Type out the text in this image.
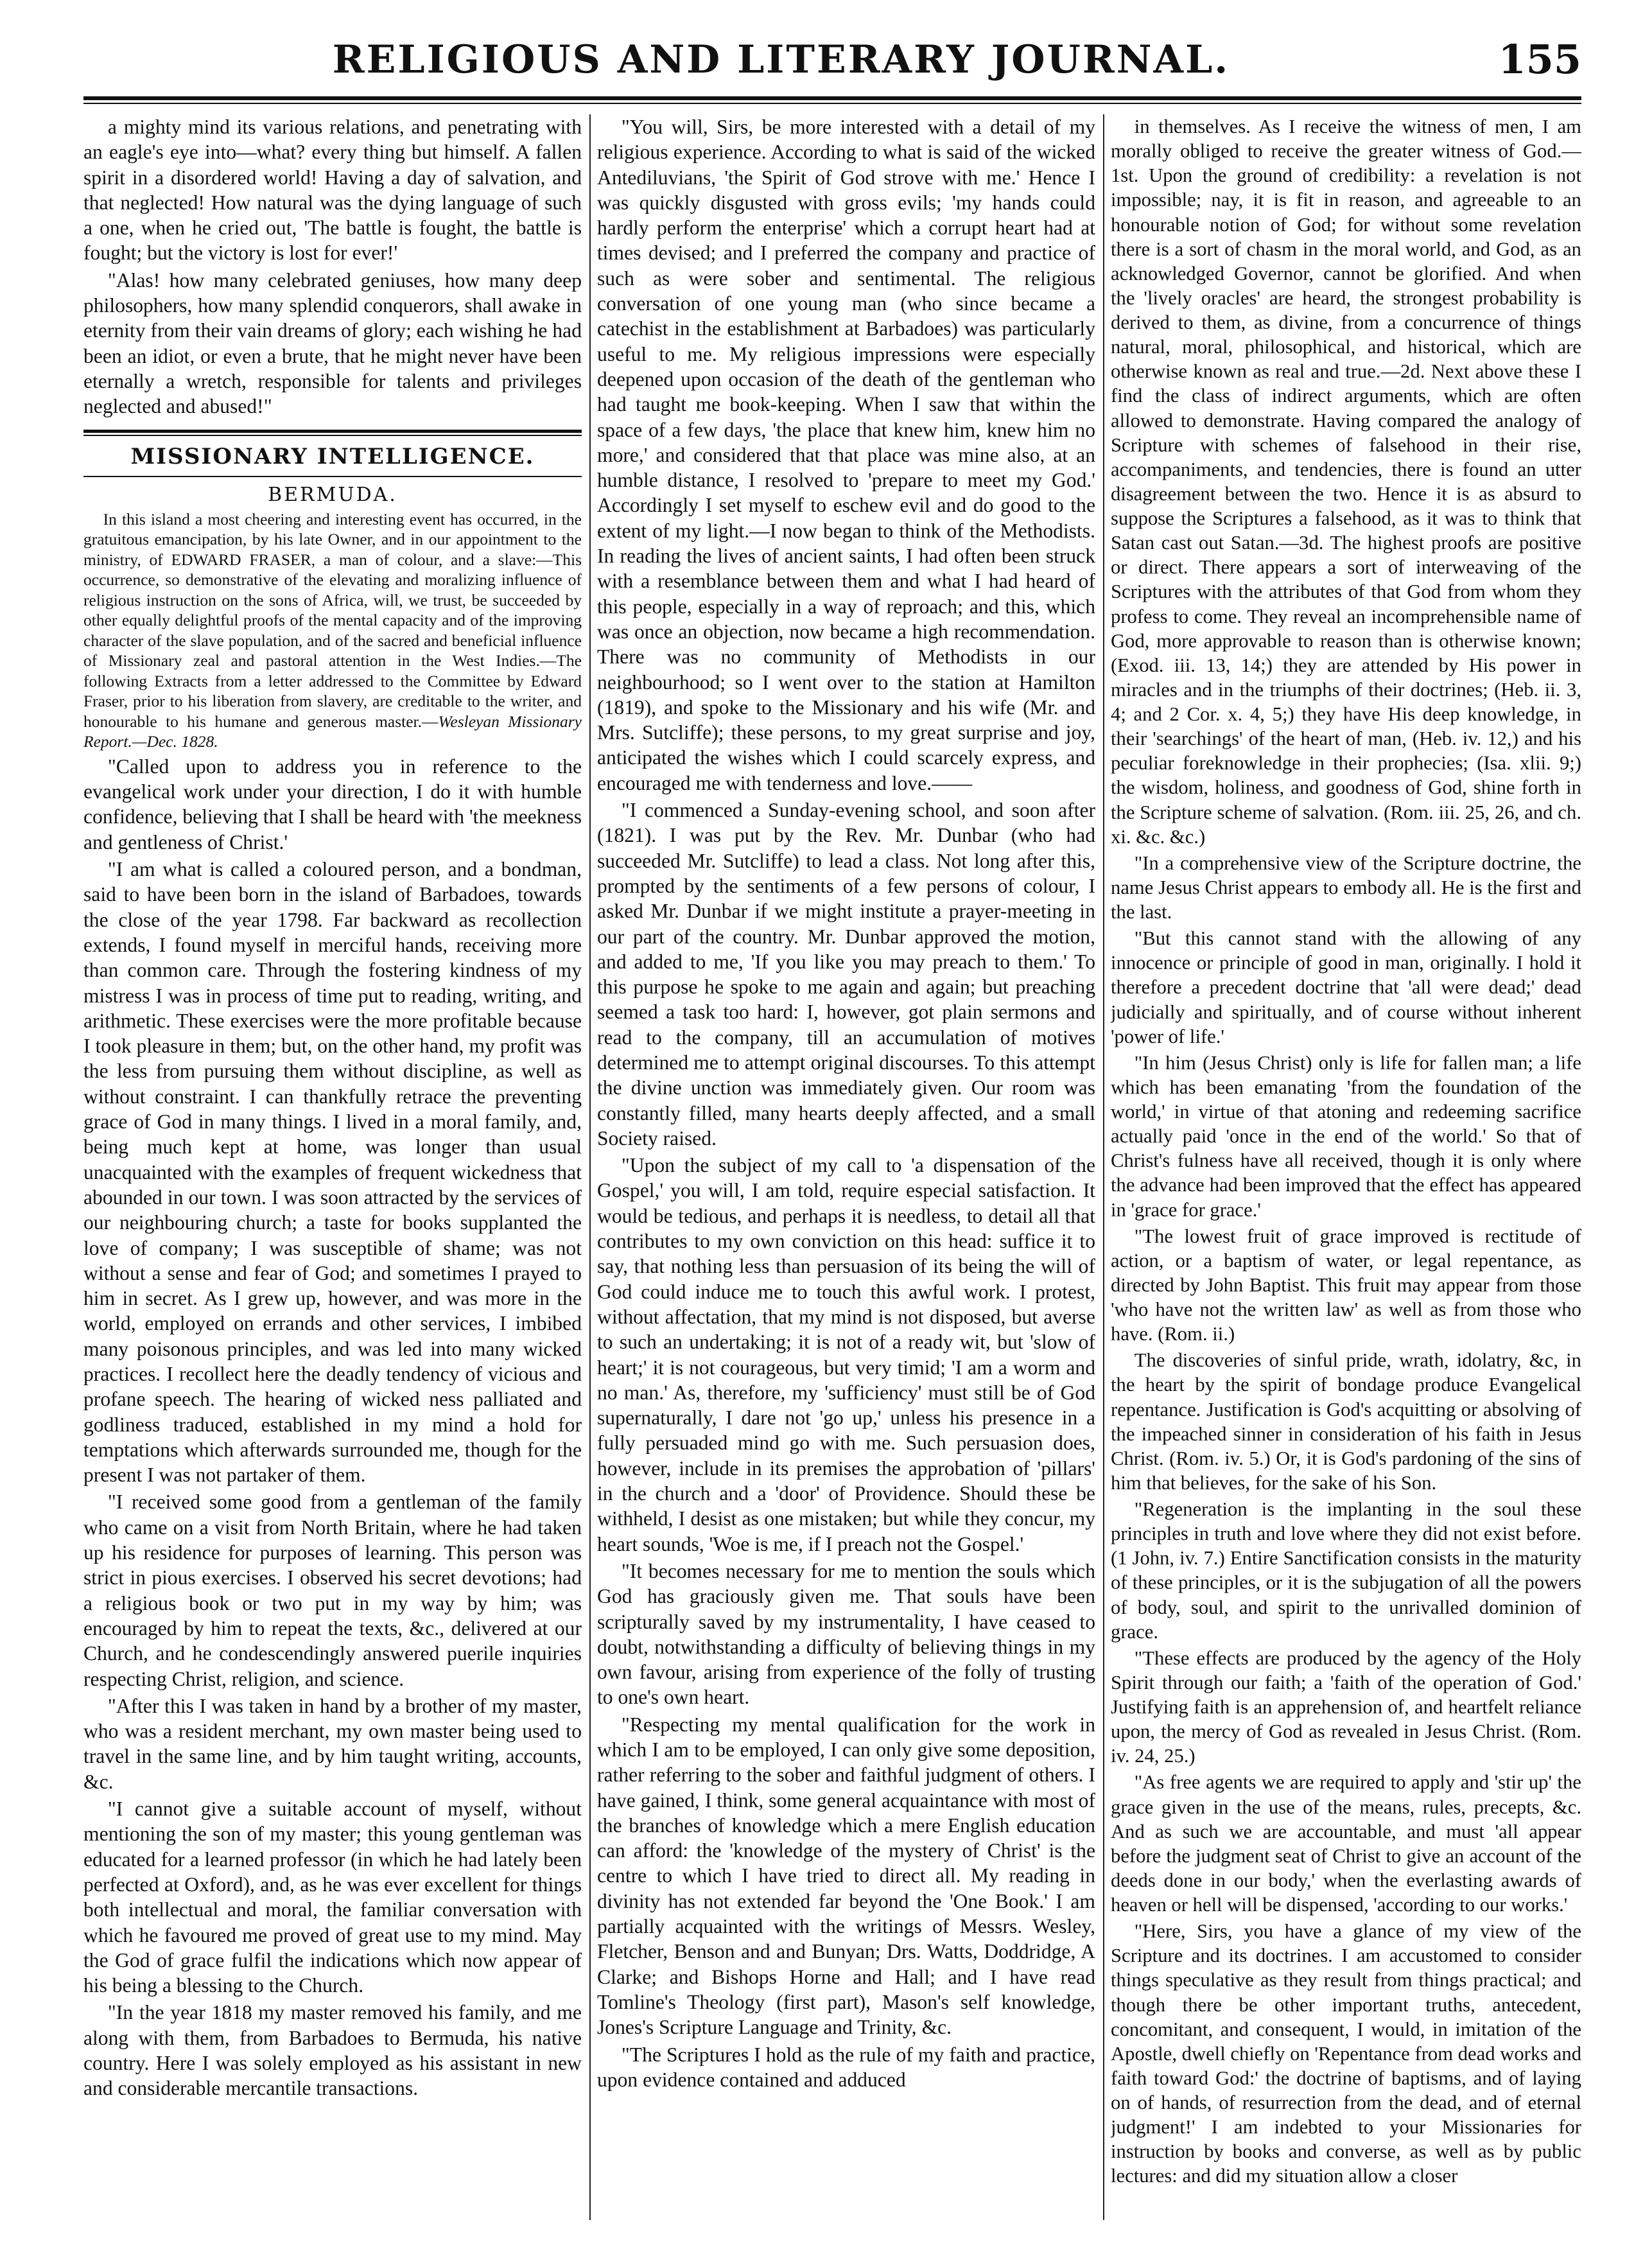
RELIGIOUS AND LITERARY JOURNAL.	155

a mighty mind its various relations, and penetrating with an eagle's eye into—what? every thing but himself. A fallen spirit in a disordered world! Having a day of salvation, and that neglected! How natural was the dying language of such a one, when he cried out, 'The battle is fought, the battle is fought; but the victory is lost for ever!'

"Alas! how many celebrated geniuses, how many deep philosophers, how many splendid conquerors, shall awake in eternity from their vain dreams of glory; each wishing he had been an idiot, or even a brute, that he might never have been eternally a wretch, responsible for talents and privileges neglected and abused!"

MISSIONARY INTELLIGENCE.

BERMUDA.

In this island a most cheering and interesting event has occurred, in the gratuitous emancipation, by his late Owner, and in our appointment to the ministry, of EDWARD FRASER, a man of colour, and a slave:—This occurrence, so demonstrative of the elevating and moralizing influence of religious instruction on the sons of Africa, will, we trust, be succeeded by other equally delightful proofs of the mental capacity and of the improving character of the slave population, and of the sacred and beneficial influence of Missionary zeal and pastoral attention in the West Indies.—The following Extracts from a letter addressed to the Committee by Edward Fraser, prior to his liberation from slavery, are creditable to the writer, and honourable to his humane and generous master.—Wesleyan Missionary Report.—Dec. 1828.

"Called upon to address you in reference to the evangelical work under your direction, I do it with humble confidence, believing that I shall be heard with 'the meekness and gentleness of Christ.'

"I am what is called a coloured person, and a bondman, said to have been born in the island of Barbadoes, towards the close of the year 1798. Far backward as recollection extends, I found myself in merciful hands, receiving more than common care. Through the fostering kindness of my mistress I was in process of time put to reading, writing, and arithmetic. These exercises were the more profitable because I took pleasure in them; but, on the other hand, my profit was the less from pursuing them without discipline, as well as without constraint. I can thankfully retrace the preventing grace of God in many things. I lived in a moral family, and, being much kept at home, was longer than usual unacquainted with the examples of frequent wickedness that abounded in our town. I was soon attracted by the services of our neighbouring church; a taste for books supplanted the love of company; I was susceptible of shame; was not without a sense and fear of God; and sometimes I prayed to him in secret. As I grew up, however, and was more in the world, employed on errands and other services, I imbibed many poisonous principles, and was led into many wicked practices. I recollect here the deadly tendency of vicious and profane speech. The hearing of wicked ness palliated and godliness traduced, established in my mind a hold for temptations which afterwards surrounded me, though for the present I was not partaker of them.

"I received some good from a gentleman of the family who came on a visit from North Britain, where he had taken up his residence for purposes of learning. This person was strict in pious exercises. I observed his secret devotions; had a religious book or two put in my way by him; was encouraged by him to repeat the texts, &c., delivered at our Church, and he condescendingly answered puerile inquiries respecting Christ, religion, and science.

"After this I was taken in hand by a brother of my master, who was a resident merchant, my own master being used to travel in the same line, and by him taught writing, accounts, &c.

"I cannot give a suitable account of myself, without mentioning the son of my master; this young gentleman was educated for a learned professor (in which he had lately been perfected at Oxford), and, as he was ever excellent for things both intellectual and moral, the familiar conversation with which he favoured me proved of great use to my mind. May the God of grace fulfil the indications which now appear of his being a blessing to the Church.

"In the year 1818 my master removed his family, and me along with them, from Barbadoes to Bermuda, his native country. Here I was solely employed as his assistant in new and considerable mercantile transactions.

"You will, Sirs, be more interested with a detail of my religious experience. According to what is said of the wicked Antediluvians, 'the Spirit of God strove with me.' Hence I was quickly disgusted with gross evils; 'my hands could hardly perform the enterprise' which a corrupt heart had at times devised; and I preferred the company and practice of such as were sober and sentimental. The religious conversation of one young man (who since became a catechist in the establishment at Barbadoes) was particularly useful to me. My religious impressions were especially deepened upon occasion of the death of the gentleman who had taught me book-keeping. When I saw that within the space of a few days, 'the place that knew him, knew him no more,' and considered that that place was mine also, at an humble distance, I resolved to 'prepare to meet my God.' Accordingly I set myself to eschew evil and do good to the extent of my light.—I now began to think of the Methodists. In reading the lives of ancient saints, I had often been struck with a resemblance between them and what I had heard of this people, especially in a way of reproach; and this, which was once an objection, now became a high recommendation. There was no community of Methodists in our neighbourhood; so I went over to the station at Hamilton (1819), and spoke to the Missionary and his wife (Mr. and Mrs. Sutcliffe); these persons, to my great surprise and joy, anticipated the wishes which I could scarcely express, and encouraged me with tenderness and love.——

"I commenced a Sunday-evening school, and soon after (1821). I was put by the Rev. Mr. Dunbar (who had succeeded Mr. Sutcliffe) to lead a class. Not long after this, prompted by the sentiments of a few persons of colour, I asked Mr. Dunbar if we might institute a prayer-meeting in our part of the country. Mr. Dunbar approved the motion, and added to me, 'If you like you may preach to them.' To this purpose he spoke to me again and again; but preaching seemed a task too hard: I, however, got plain sermons and read to the company, till an accumulation of motives determined me to attempt original discourses. To this attempt the divine unction was immediately given. Our room was constantly filled, many hearts deeply affected, and a small Society raised.

"Upon the subject of my call to 'a dispensation of the Gospel,' you will, I am told, require especial satisfaction. It would be tedious, and perhaps it is needless, to detail all that contributes to my own conviction on this head: suffice it to say, that nothing less than persuasion of its being the will of God could induce me to touch this awful work. I protest, without affectation, that my mind is not disposed, but averse to such an undertaking; it is not of a ready wit, but 'slow of heart;' it is not courageous, but very timid; 'I am a worm and no man.' As, therefore, my 'sufficiency' must still be of God supernaturally, I dare not 'go up,' unless his presence in a fully persuaded mind go with me. Such persuasion does, however, include in its premises the approbation of 'pillars' in the church and a 'door' of Providence. Should these be withheld, I desist as one mistaken; but while they concur, my heart sounds, 'Woe is me, if I preach not the Gospel.'

"It becomes necessary for me to mention the souls which God has graciously given me. That souls have been scripturally saved by my instrumentality, I have ceased to doubt, notwithstanding a difficulty of believing things in my own favour, arising from experience of the folly of trusting to one's own heart.

"Respecting my mental qualification for the work in which I am to be employed, I can only give some deposition, rather referring to the sober and faithful judgment of others. I have gained, I think, some general acquaintance with most of the branches of knowledge which a mere English education can afford: the 'knowledge of the mystery of Christ' is the centre to which I have tried to direct all. My reading in divinity has not extended far beyond the 'One Book.' I am partially acquainted with the writings of Messrs. Wesley, Fletcher, Benson and and Bunyan; Drs. Watts, Doddridge, A Clarke; and Bishops Horne and Hall; and I have read Tomline's Theology (first part), Mason's self knowledge, Jones's Scripture Language and Trinity, &c.

"The Scriptures I hold as the rule of my faith and practice, upon evidence contained and adduced

in themselves. As I receive the witness of men, I am morally obliged to receive the greater witness of God.—1st. Upon the ground of credibility: a revelation is not impossible; nay, it is fit in reason, and agreeable to an honourable notion of God; for without some revelation there is a sort of chasm in the moral world, and God, as an acknowledged Governor, cannot be glorified. And when the 'lively oracles' are heard, the strongest probability is derived to them, as divine, from a concurrence of things natural, moral, philosophical, and historical, which are otherwise known as real and true.—2d. Next above these I find the class of indirect arguments, which are often allowed to demonstrate. Having compared the analogy of Scripture with schemes of falsehood in their rise, accompaniments, and tendencies, there is found an utter disagreement between the two. Hence it is as absurd to suppose the Scriptures a falsehood, as it was to think that Satan cast out Satan.—3d. The highest proofs are positive or direct. There appears a sort of interweaving of the Scriptures with the attributes of that God from whom they profess to come. They reveal an incomprehensible name of God, more approvable to reason than is otherwise known; (Exod. iii. 13, 14;) they are attended by His power in miracles and in the triumphs of their doctrines; (Heb. ii. 3, 4; and 2 Cor. x. 4, 5;) they have His deep knowledge, in their 'searchings' of the heart of man, (Heb. iv. 12,) and his peculiar foreknowledge in their prophecies; (Isa. xlii. 9;) the wisdom, holiness, and goodness of God, shine forth in the Scripture scheme of salvation. (Rom. iii. 25, 26, and ch. xi. &c. &c.)

"In a comprehensive view of the Scripture doctrine, the name Jesus Christ appears to embody all. He is the first and the last.

"But this cannot stand with the allowing of any innocence or principle of good in man, originally. I hold it therefore a precedent doctrine that 'all were dead;' dead judicially and spiritually, and of course without inherent 'power of life.'

"In him (Jesus Christ) only is life for fallen man; a life which has been emanating 'from the foundation of the world,' in virtue of that atoning and redeeming sacrifice actually paid 'once in the end of the world.' So that of Christ's fulness have all received, though it is only where the advance had been improved that the effect has appeared in 'grace for grace.'

"The lowest fruit of grace improved is rectitude of action, or a baptism of water, or legal repentance, as directed by John Baptist. This fruit may appear from those 'who have not the written law' as well as from those who have. (Rom. ii.)

The discoveries of sinful pride, wrath, idolatry, &c, in the heart by the spirit of bondage produce Evangelical repentance. Justification is God's acquitting or absolving of the impeached sinner in consideration of his faith in Jesus Christ. (Rom. iv. 5.) Or, it is God's pardoning of the sins of him that believes, for the sake of his Son.

"Regeneration is the implanting in the soul these principles in truth and love where they did not exist before. (1 John, iv. 7.) Entire Sanctification consists in the maturity of these principles, or it is the subjugation of all the powers of body, soul, and spirit to the unrivalled dominion of grace.

"These effects are produced by the agency of the Holy Spirit through our faith; a 'faith of the operation of God.' Justifying faith is an apprehension of, and heartfelt reliance upon, the mercy of God as revealed in Jesus Christ. (Rom. iv. 24, 25.)

"As free agents we are required to apply and 'stir up' the grace given in the use of the means, rules, precepts, &c. And as such we are accountable, and must 'all appear before the judgment seat of Christ to give an account of the deeds done in our body,' when the everlasting awards of heaven or hell will be dispensed, 'according to our works.'

"Here, Sirs, you have a glance of my view of the Scripture and its doctrines. I am accustomed to consider things speculative as they result from things practical; and though there be other important truths, antecedent, concomitant, and consequent, I would, in imitation of the Apostle, dwell chiefly on 'Repentance from dead works and faith toward God:' the doctrine of baptisms, and of laying on of hands, of resurrection from the dead, and of eternal judgment!' I am indebted to your Missionaries for instruction by books and converse, as well as by public lectures: and did my situation allow a closer
